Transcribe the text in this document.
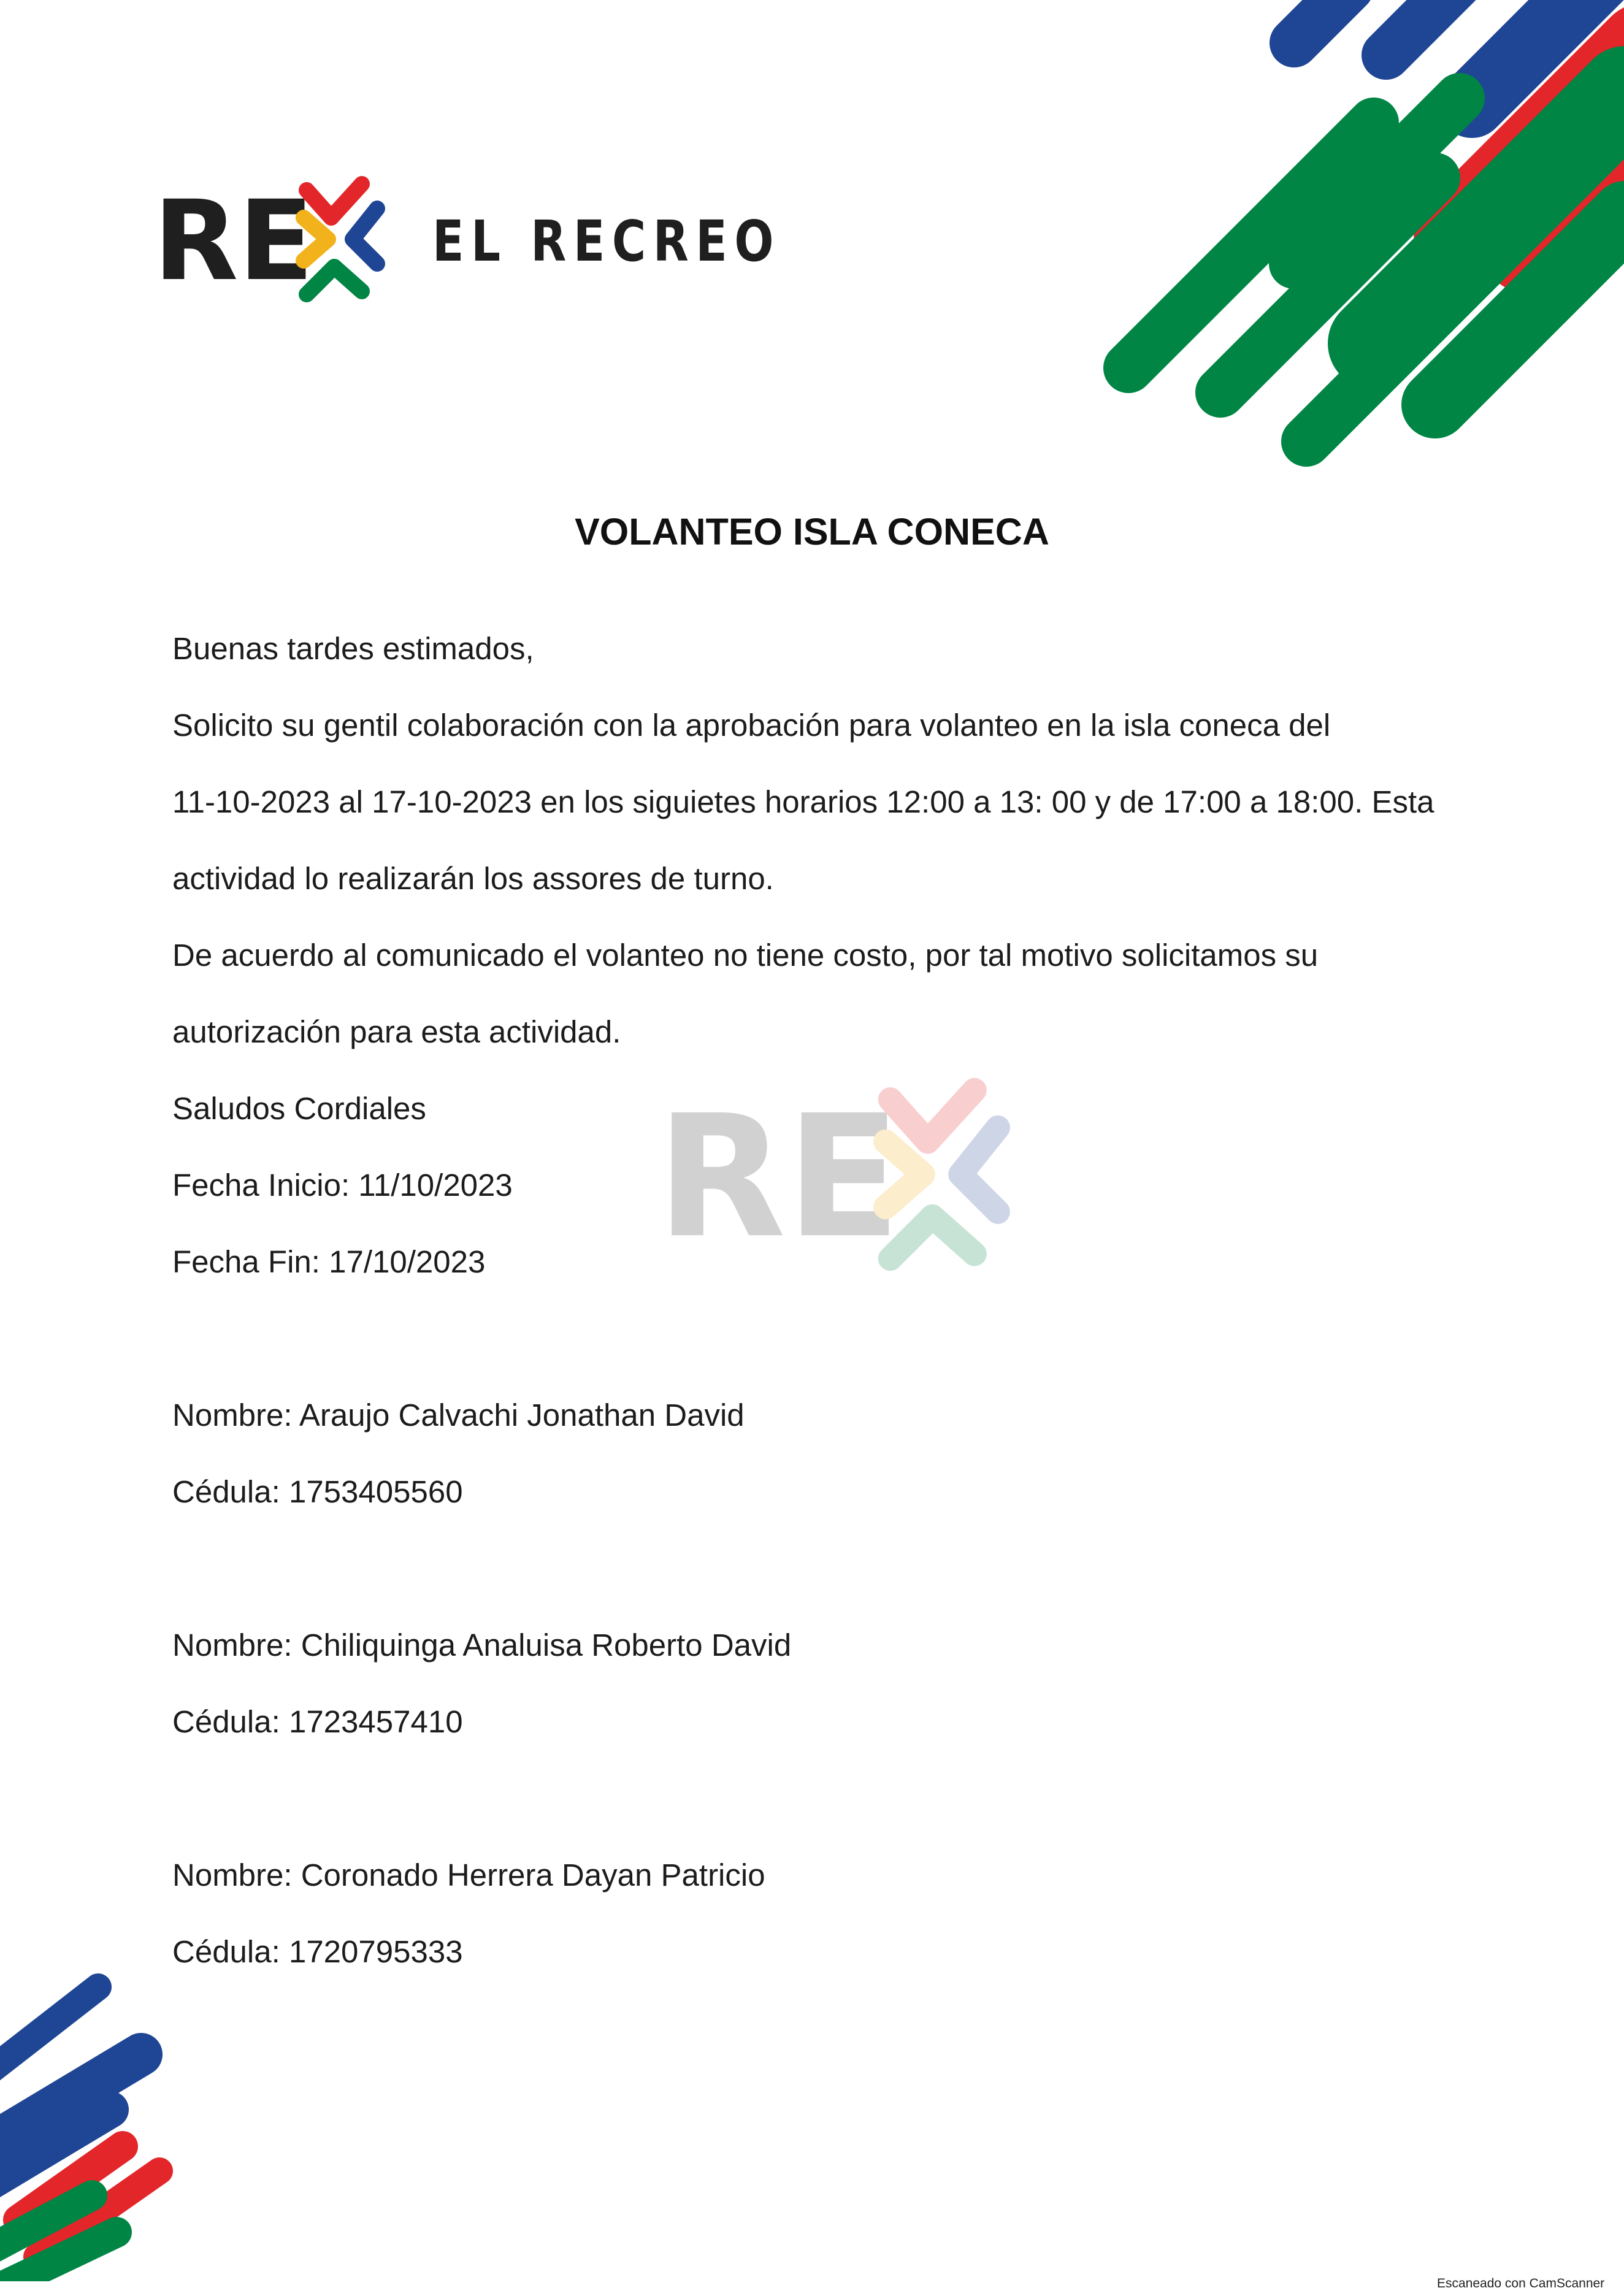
RE EL RECREO
RE
VOLANTEO ISLA CONECA
Buenas tardes estimados,
Solicito su gentil colaboración con la aprobación para volanteo en la isla coneca del
11-10-2023 al 17-10-2023 en los siguietes horarios 12:00 a 13: 00 y de 17:00 a 18:00. Esta
actividad lo realizarán los assores de turno.
De acuerdo al comunicado el volanteo no tiene costo, por tal motivo solicitamos su
autorización para esta actividad.
Saludos Cordiales
Fecha Inicio: 11/10/2023
Fecha Fin: 17/10/2023
Nombre: Araujo Calvachi Jonathan David
Cédula: 1753405560
Nombre: Chiliquinga Analuisa Roberto David
Cédula: 1723457410
Nombre: Coronado Herrera Dayan Patricio
Cédula: 1720795333
Escaneado con CamScanner
